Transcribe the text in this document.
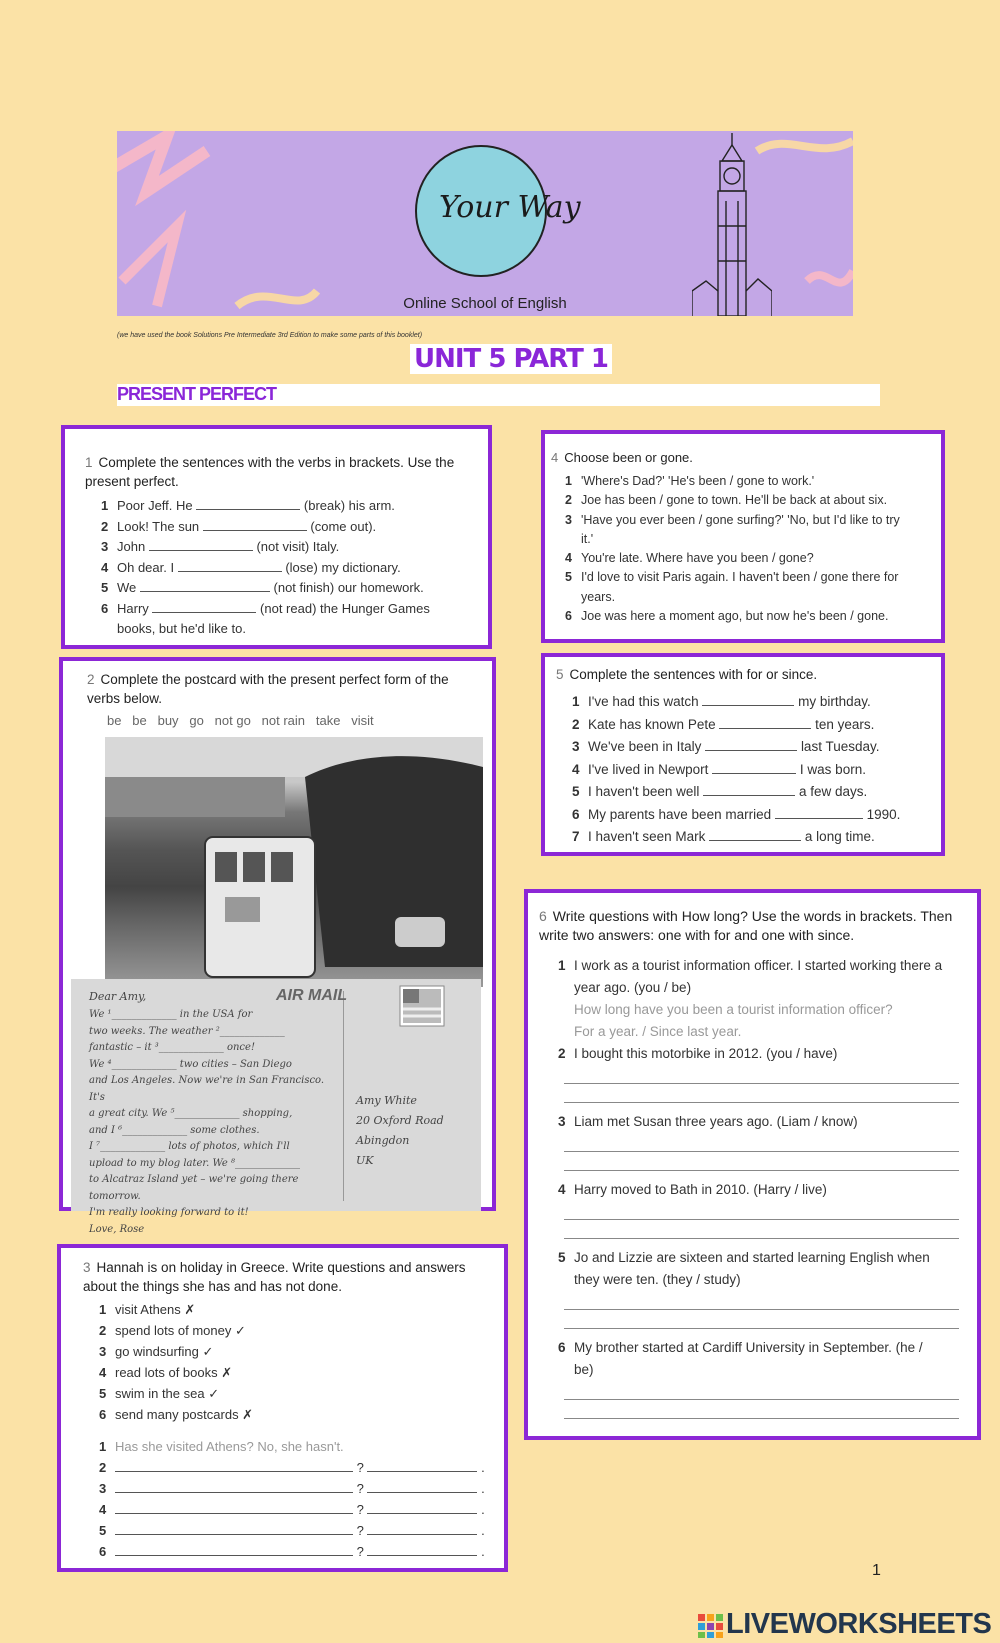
Your Way
Online School of English
(we have used the book Solutions Pre Intermediate 3rd Edition to make some parts of this booklet)
UNIT 5 PART 1
PRESENT PERFECT
1 Complete the sentences with the verbs in brackets. Use the present perfect.
1 Poor Jeff. He	(break) his arm.
2 Look! The sun	(come out).
3 John	(not visit) Italy.
4 Oh dear. I	(lose) my dictionary.
5 We	(not finish) our homework.
6 Harry	(not read) the Hunger Games
books, but he'd like to.
2 Complete the postcard with the present perfect form of the verbs below.
be   be   buy   go   not go   not rain   take   visit
Dear Amy,
We ¹_____________ in the USA for
two weeks. The weather ²_____________
fantastic – it ³_____________ once!
We ⁴_____________ two cities – San Diego
and Los Angeles. Now we're in San Francisco. It's
a great city. We ⁵_____________ shopping,
and I ⁶_____________ some clothes.
I ⁷_____________ lots of photos, which I'll
upload to my blog later. We ⁸_____________
to Alcatraz Island yet – we're going there tomorrow.
I'm really looking forward to it!
Love, Rose
AIR MAIL
Amy White
20 Oxford Road
Abingdon
UK
3 Hannah is on holiday in Greece. Write questions and answers about the things she has and has not done.
1 visit Athens ✗
2 spend lots of money ✓
3 go windsurfing ✓
4 read lots of books ✗
5 swim in the sea ✓
6 send many postcards ✗
1 Has she visited Athens? No, she hasn't.
2	?	.
3	?	.
4	?	.
5	?	.
6	?	.
4 Choose been or gone.
1 'Where's Dad?' 'He's been / gone to work.'
2 Joe has been / gone to town. He'll be back at about six.
3 'Have you ever been / gone surfing?' 'No, but I'd like to try it.'
4 You're late. Where have you been / gone?
5 I'd love to visit Paris again. I haven't been / gone there for years.
6 Joe was here a moment ago, but now he's been / gone.
5 Complete the sentences with for or since.
1 I've had this watch	my birthday.
2 Kate has known Pete	ten years.
3 We've been in Italy	last Tuesday.
4 I've lived in Newport	I was born.
5 I haven't been well	a few days.
6 My parents have been married	1990.
7 I haven't seen Mark	a long time.
6 Write questions with How long? Use the words in brackets. Then write two answers: one with for and one with since.
1 I work as a tourist information officer. I started working there a year ago. (you / be)
How long have you been a tourist information officer?
For a year. / Since last year.
2 I bought this motorbike in 2012. (you / have)
3 Liam met Susan three years ago. (Liam / know)
4 Harry moved to Bath in 2010. (Harry / live)
5 Jo and Lizzie are sixteen and started learning English when they were ten. (they / study)
6 My brother started at Cardiff University in September. (he / be)
1
LIVEWORKSHEETS
